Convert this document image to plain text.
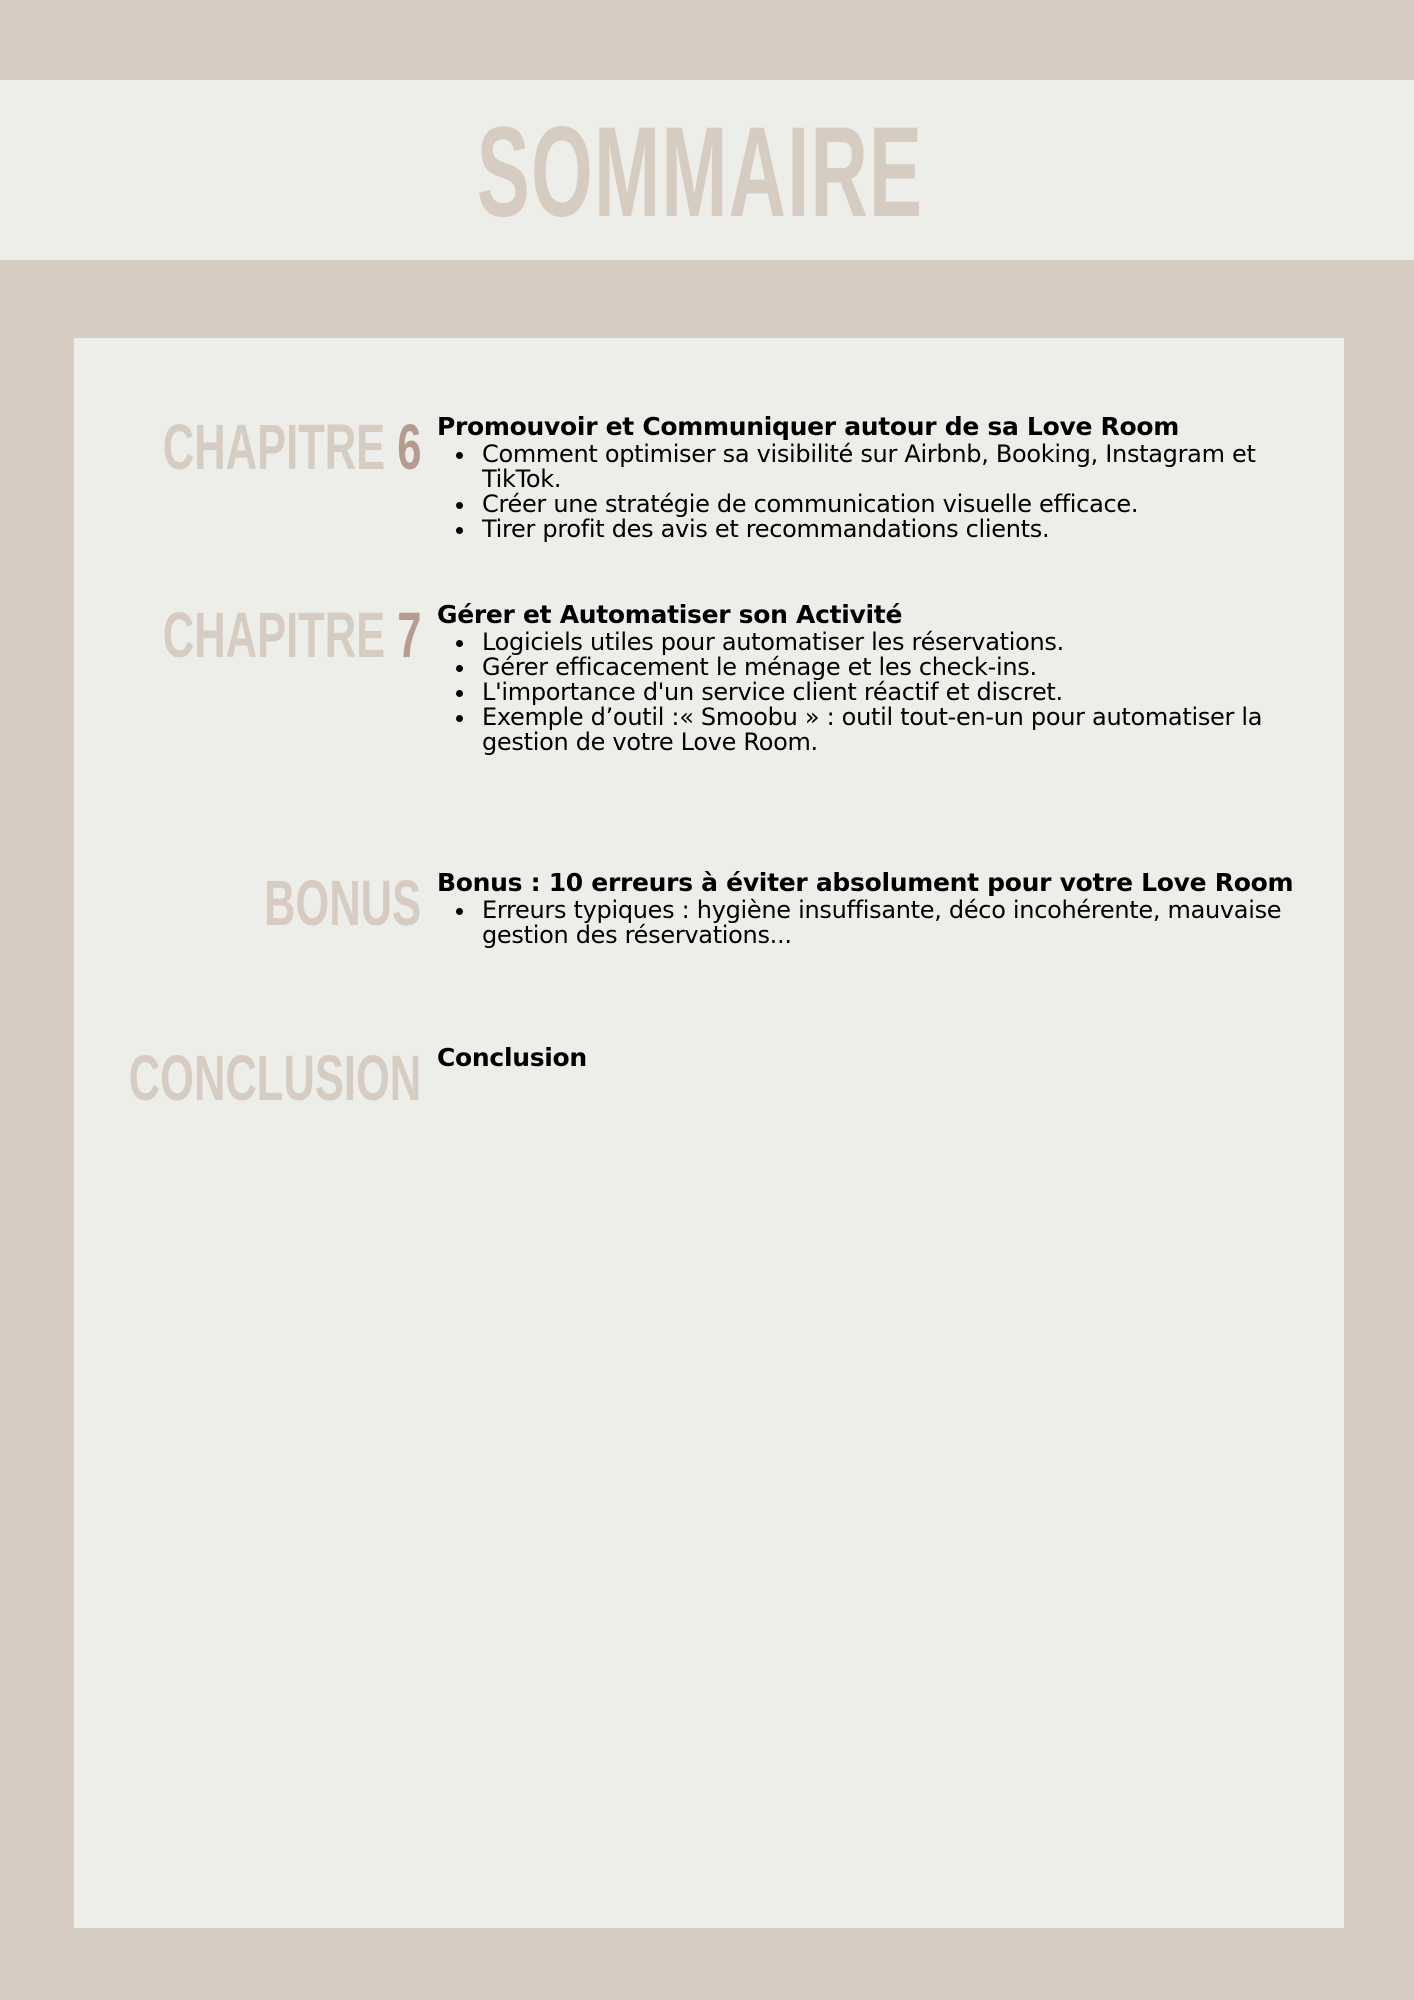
SOMMAIRE
CHAPITRE 6 Promouvoir et Communiquer autour de sa Love Room

Comment optimiser sa visibilité sur Airbnb, Booking, Instagram et TikTok.
Créer une stratégie de communication visuelle efficace.
Tirer profit des avis et recommandations clients.
CHAPITRE 7 Gérer et Automatiser son Activité

Logiciels utiles pour automatiser les réservations.
Gérer efficacement le ménage et les check-ins.
L'importance d'un service client réactif et discret.
Exemple d’outil :« Smoobu » : outil tout-en-un pour automatiser la gestion de votre Love Room.
BONUS Bonus : 10 erreurs à éviter absolument pour votre Love Room

Erreurs typiques : hygiène insuffisante, déco incohérente, mauvaise gestion des réservations...
CONCLUSION Conclusion
